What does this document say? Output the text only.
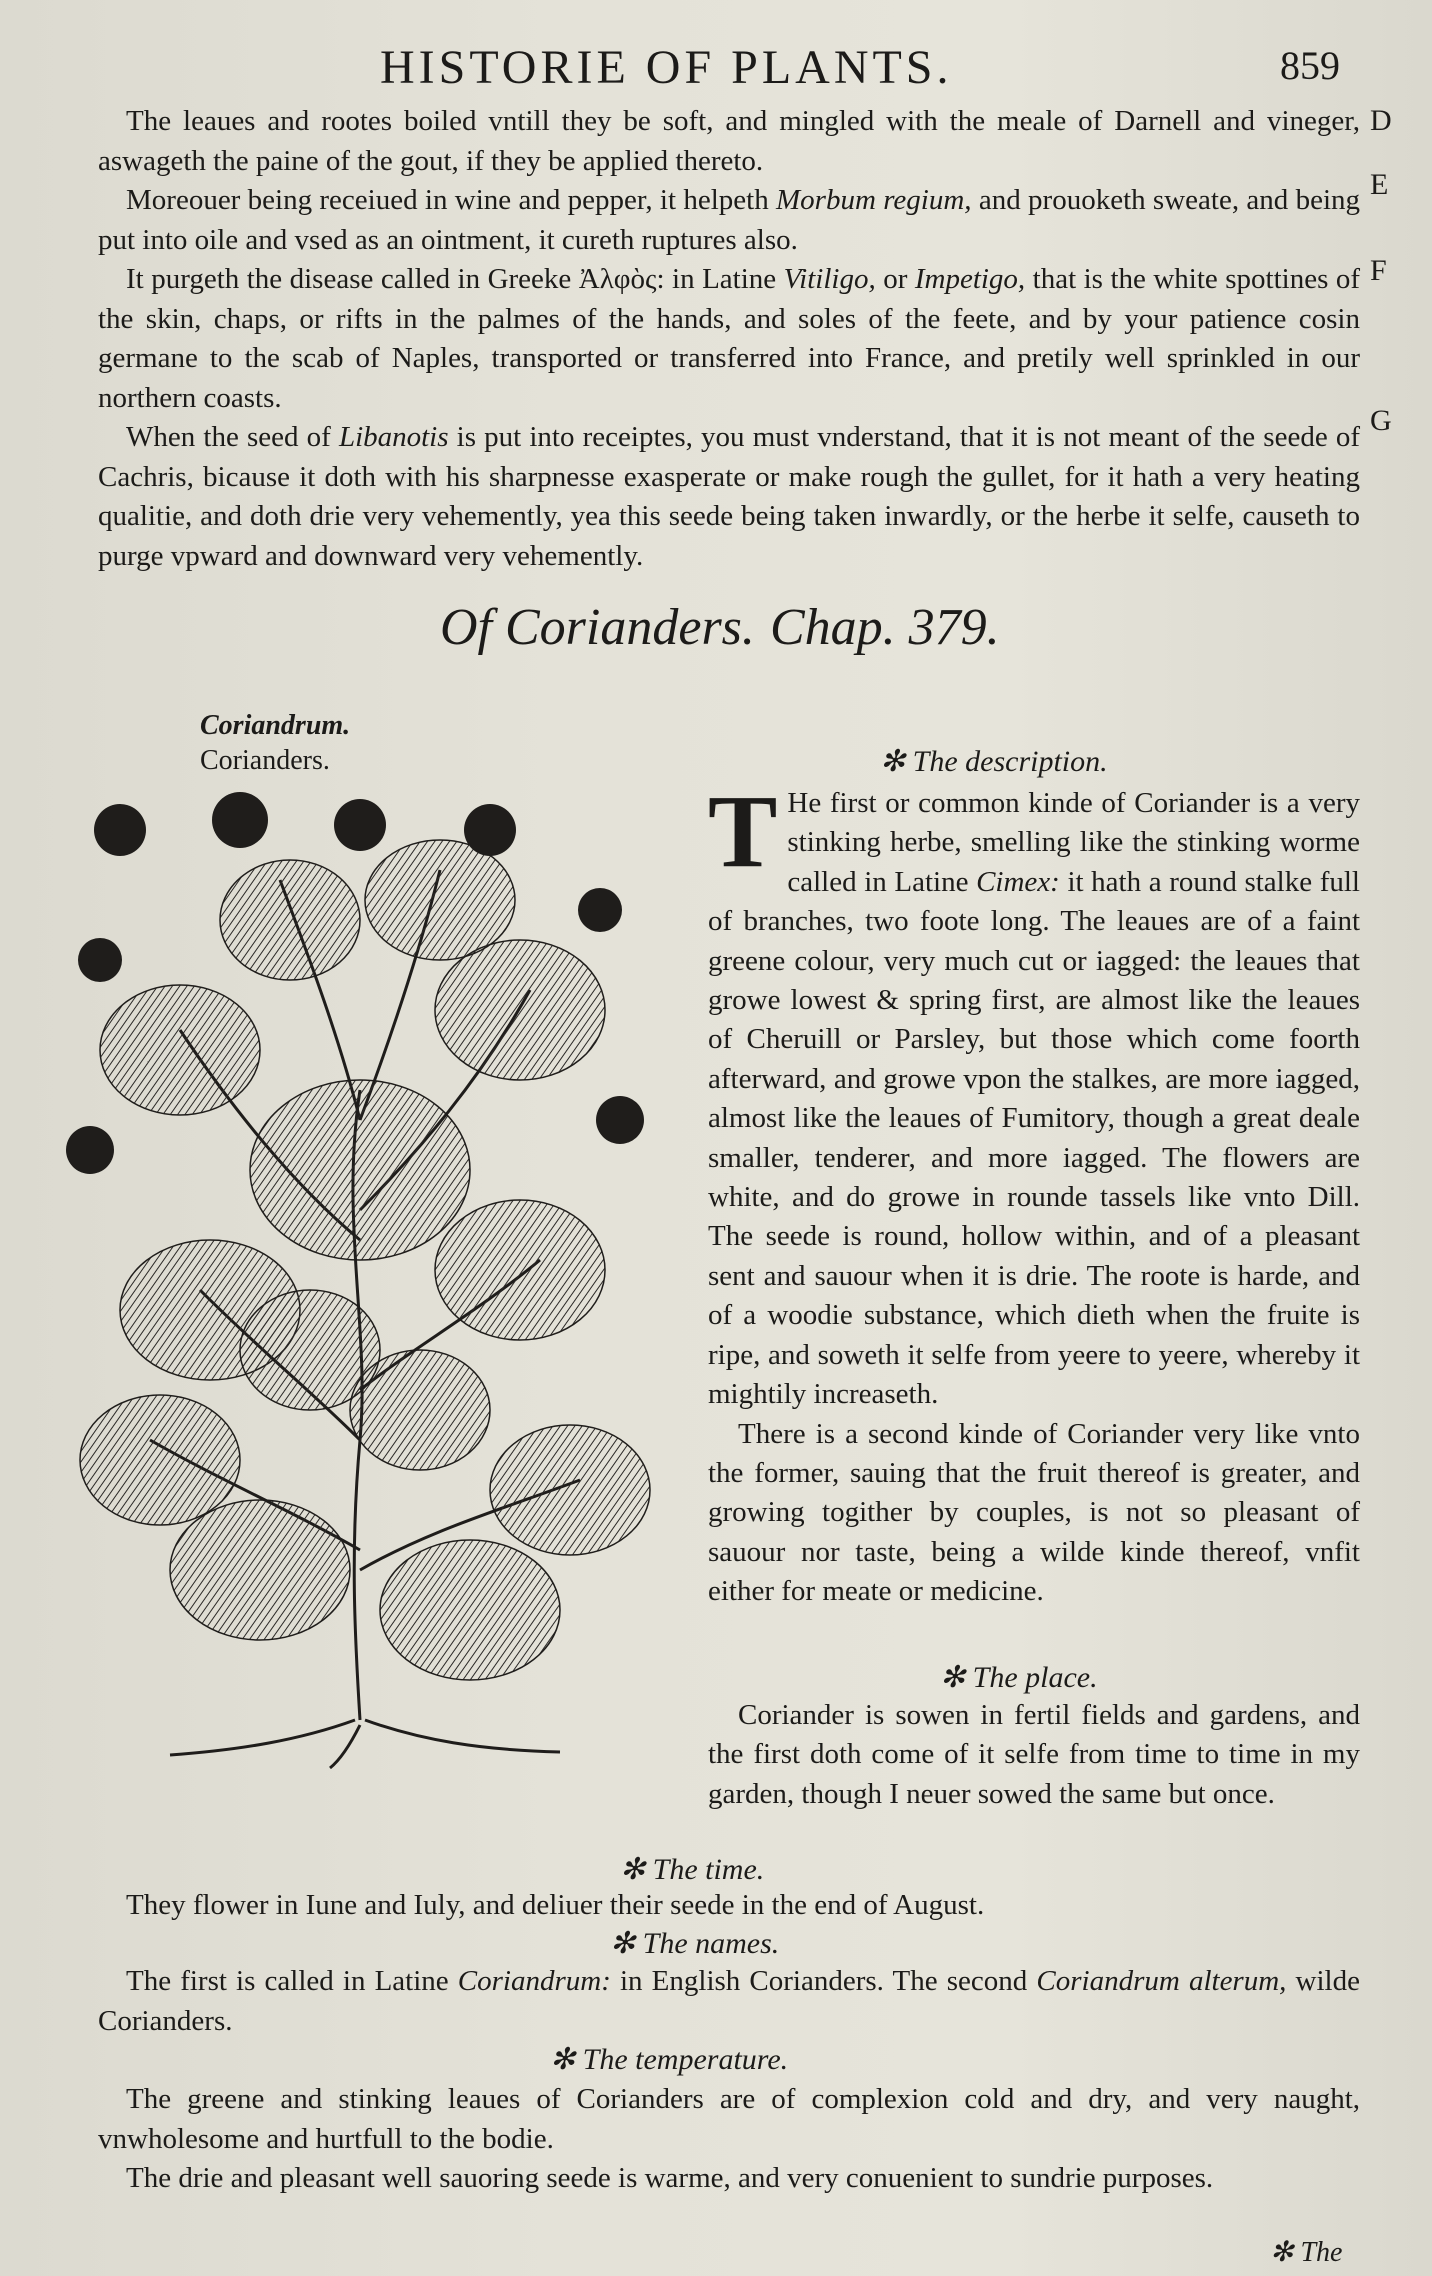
HISTORIE OF PLANTS.	859
D
E
F
G

The leaues and rootes boiled vntill they be soft, and mingled with the meale of Darnell and vineger, aswageth the paine of the gout, if they be applied thereto.

Moreouer being receiued in wine and pepper, it helpeth Morbum regium, and prouoketh sweate, and being put into oile and vsed as an ointment, it cureth ruptures also.

It purgeth the disease called in Greeke Ἀλφὸς: in Latine Vitiligo, or Impetigo, that is the white spottines of the skin, chaps, or rifts in the palmes of the hands, and soles of the feete, and by your patience cosin germane to the scab of Naples, transported or transferred into France, and pretily well sprinkled in our northern coasts.

When the seed of Libanotis is put into receiptes, you must vnderstand, that it is not meant of the seede of Cachris, bicause it doth with his sharpnesse exasperate or make rough the gullet, for it hath a very heating qualitie, and doth drie very vehemently, yea this seede being taken inwardly, or the herbe it selfe, causeth to purge vpward and downward very vehemently.

Of Corianders. Chap. 379.
Coriandrum.
Corianders.	✻ The description.

T He first or common kinde of Coriander is a very stinking herbe, smelling like the stinking worme called in Latine Cimex: it hath a round stalke full of branches, two foote long. The leaues are of a faint greene colour, very much cut or iagged: the leaues that growe lowest & spring first, are almost like the leaues of Cheruill or Parsley, but those which come foorth afterward, and growe vpon the stalkes, are more iagged, almost like the leaues of Fumitory, though a great deale smaller, tenderer, and more iagged. The flowers are white, and do growe in rounde tassels like vnto Dill. The seede is round, hollow within, and of a pleasant sent and sauour when it is drie. The roote is harde, and of a woodie substance, which dieth when the fruite is ripe, and soweth it selfe from yeere to yeere, whereby it mightily increaseth.

There is a second kinde of Coriander very like vnto the former, sauing that the fruit thereof is greater, and growing togither by couples, is not so pleasant of sauour nor taste, being a wilde kinde thereof, vnfit either for meate or medicine.

✻ The place.

Coriander is sowen in fertil fields and gardens, and the first doth come of it selfe from time to time in my garden, though I neuer sowed the same but once.

✻ The time.

They flower in Iune and Iuly, and deliuer their seede in the end of August.

✻ The names.

The first is called in Latine Coriandrum: in English Corianders. The second Coriandrum alterum, wilde Corianders.

✻ The temperature.

The greene and stinking leaues of Corianders are of complexion cold and dry, and very naught, vnwholesome and hurtfull to the bodie.

The drie and pleasant well sauoring seede is warme, and very conuenient to sundrie purposes.

✻ The
